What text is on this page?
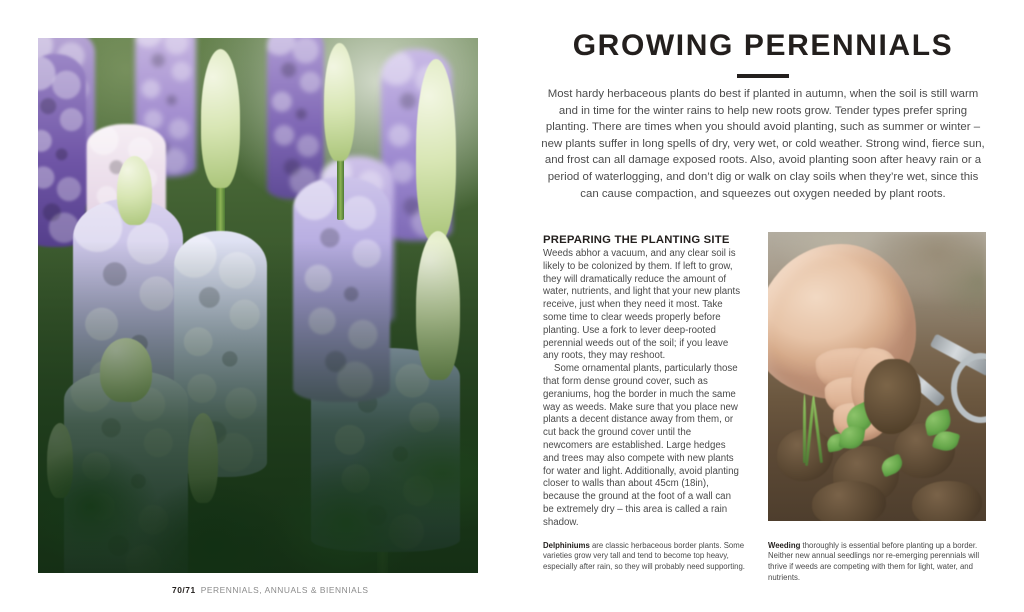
GROWING PERENNIALS

Most hardy herbaceous plants do best if planted in autumn, when the soil is still warm and in time for the winter rains to help new roots grow. Tender types prefer spring planting. There are times when you should avoid planting, such as summer or winter – new plants suffer in long spells of dry, very wet, or cold weather. Strong wind, fierce sun, and frost can all damage exposed roots. Also, avoid planting soon after heavy rain or a period of waterlogging, and don’t dig or walk on clay soils when they’re wet, since this can cause compaction, and squeezes out oxygen needed by plant roots.

PREPARING THE PLANTING SITE

Weeds abhor a vacuum, and any clear soil is likely to be colonized by them. If left to grow, they will dramatically reduce the amount of water, nutrients, and light that your new plants receive, just when they need it most. Take some time to clear weeds properly before planting. Use a fork to lever deep-rooted perennial weeds out of the soil; if you leave any roots, they may reshoot.

Some ornamental plants, particularly those that form dense ground cover, such as geraniums, hog the border in much the same way as weeds. Make sure that you place new plants a decent distance away from them, or cut back the ground cover until the newcomers are established. Large hedges and trees may also compete with new plants for water and light. Additionally, avoid planting closer to walls than about 45cm (18in), because the ground at the foot of a wall can be extremely dry – this area is called a rain shadow.

Delphiniums are classic herbaceous border plants. Some varieties grow very tall and tend to become top heavy, especially after rain, so they will probably need supporting.

Weeding thoroughly is essential before planting up a border. Neither new annual seedlings nor re-emerging perennials will thrive if weeds are competing with them for light, water, and nutrients.

70/71 PERENNIALS, ANNUALS & BIENNIALS
